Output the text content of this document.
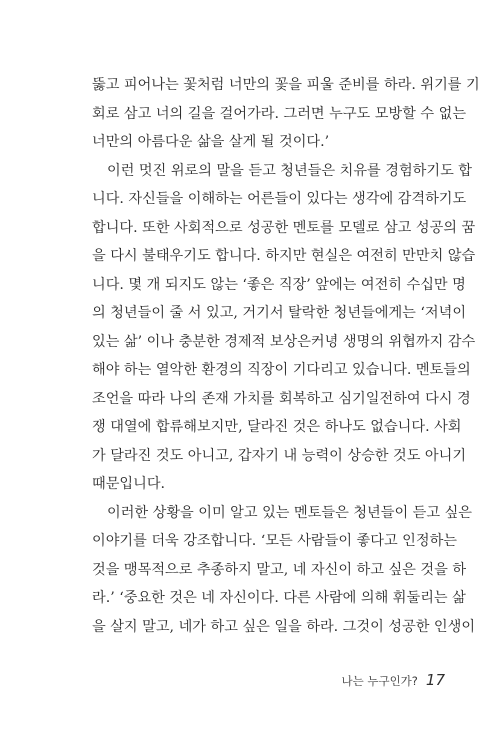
뚫고 피어나는 꽃처럼 너만의 꽃을 피울 준비를 하라. 위기를 기
회로 삼고 너의 길을 걸어가라. 그러면 누구도 모방할 수 없는
너만의 아름다운 삶을 살게 될 것이다.’
이런 멋진 위로의 말을 듣고 청년들은 치유를 경험하기도 합
니다. 자신들을 이해하는 어른들이 있다는 생각에 감격하기도
합니다. 또한 사회적으로 성공한 멘토를 모델로 삼고 성공의 꿈
을 다시 불태우기도 합니다. 하지만 현실은 여전히 만만치 않습
니다. 몇 개 되지도 않는 ‘좋은 직장’ 앞에는 여전히 수십만 명
의 청년들이 줄 서 있고, 거기서 탈락한 청년들에게는 ‘저녁이
있는 삶’ 이나 충분한 경제적 보상은커녕 생명의 위협까지 감수
해야 하는 열악한 환경의 직장이 기다리고 있습니다. 멘토들의
조언을 따라 나의 존재 가치를 회복하고 심기일전하여 다시 경
쟁 대열에 합류해보지만, 달라진 것은 하나도 없습니다. 사회
가 달라진 것도 아니고, 갑자기 내 능력이 상승한 것도 아니기
때문입니다.
이러한 상황을 이미 알고 있는 멘토들은 청년들이 듣고 싶은
이야기를 더욱 강조합니다. ‘모든 사람들이 좋다고 인정하는
것을 맹목적으로 추종하지 말고, 네 자신이 하고 싶은 것을 하
라.’ ‘중요한 것은 네 자신이다. 다른 사람에 의해 휘둘리는 삶
을 살지 말고, 네가 하고 싶은 일을 하라. 그것이 성공한 인생이
나는 누구인가? 17
